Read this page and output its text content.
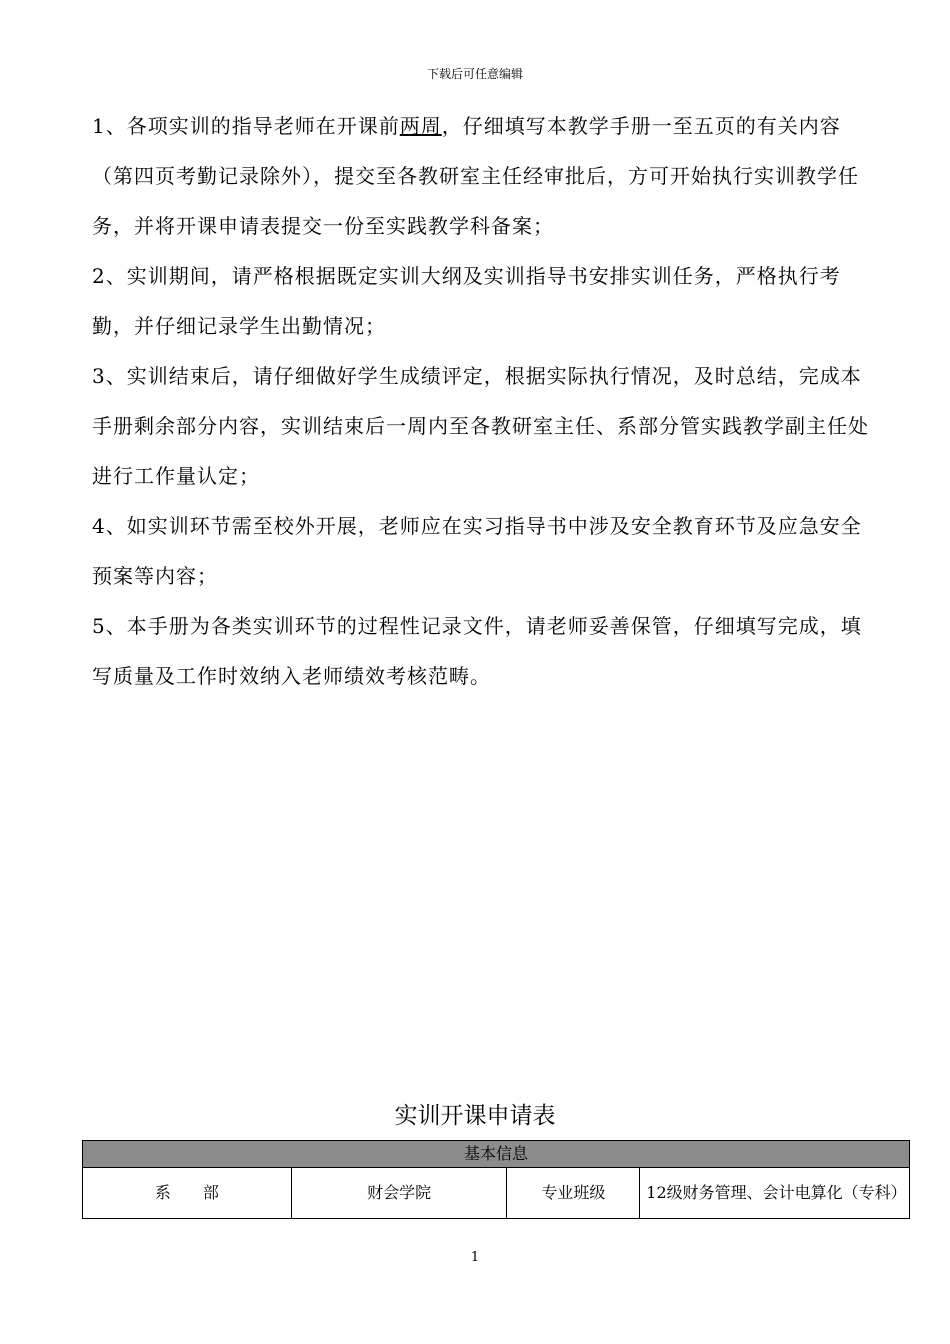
下载后可任意编辑

1、各项实训的指导老师在开课前两周，仔细填写本教学手册一至五页的有关内容（第四页考勤记录除外），提交至各教研室主任经审批后，方可开始执行实训教学任务，并将开课申请表提交一份至实践教学科备案；

2、实训期间，请严格根据既定实训大纲及实训指导书安排实训任务，严格执行考勤，并仔细记录学生出勤情况；

3、实训结束后，请仔细做好学生成绩评定，根据实际执行情况，及时总结，完成本手册剩余部分内容，实训结束后一周内至各教研室主任、系部分管实践教学副主任处进行工作量认定；

4、如实训环节需至校外开展，老师应在实习指导书中涉及安全教育环节及应急安全预案等内容；

5、本手册为各类实训环节的过程性记录文件，请老师妥善保管，仔细填写完成，填写质量及工作时效纳入老师绩效考核范畴。

实训开课申请表
基本信息
系　　部	财会学院	专业班级	12级财务管理、会计电算化（专科）
1
